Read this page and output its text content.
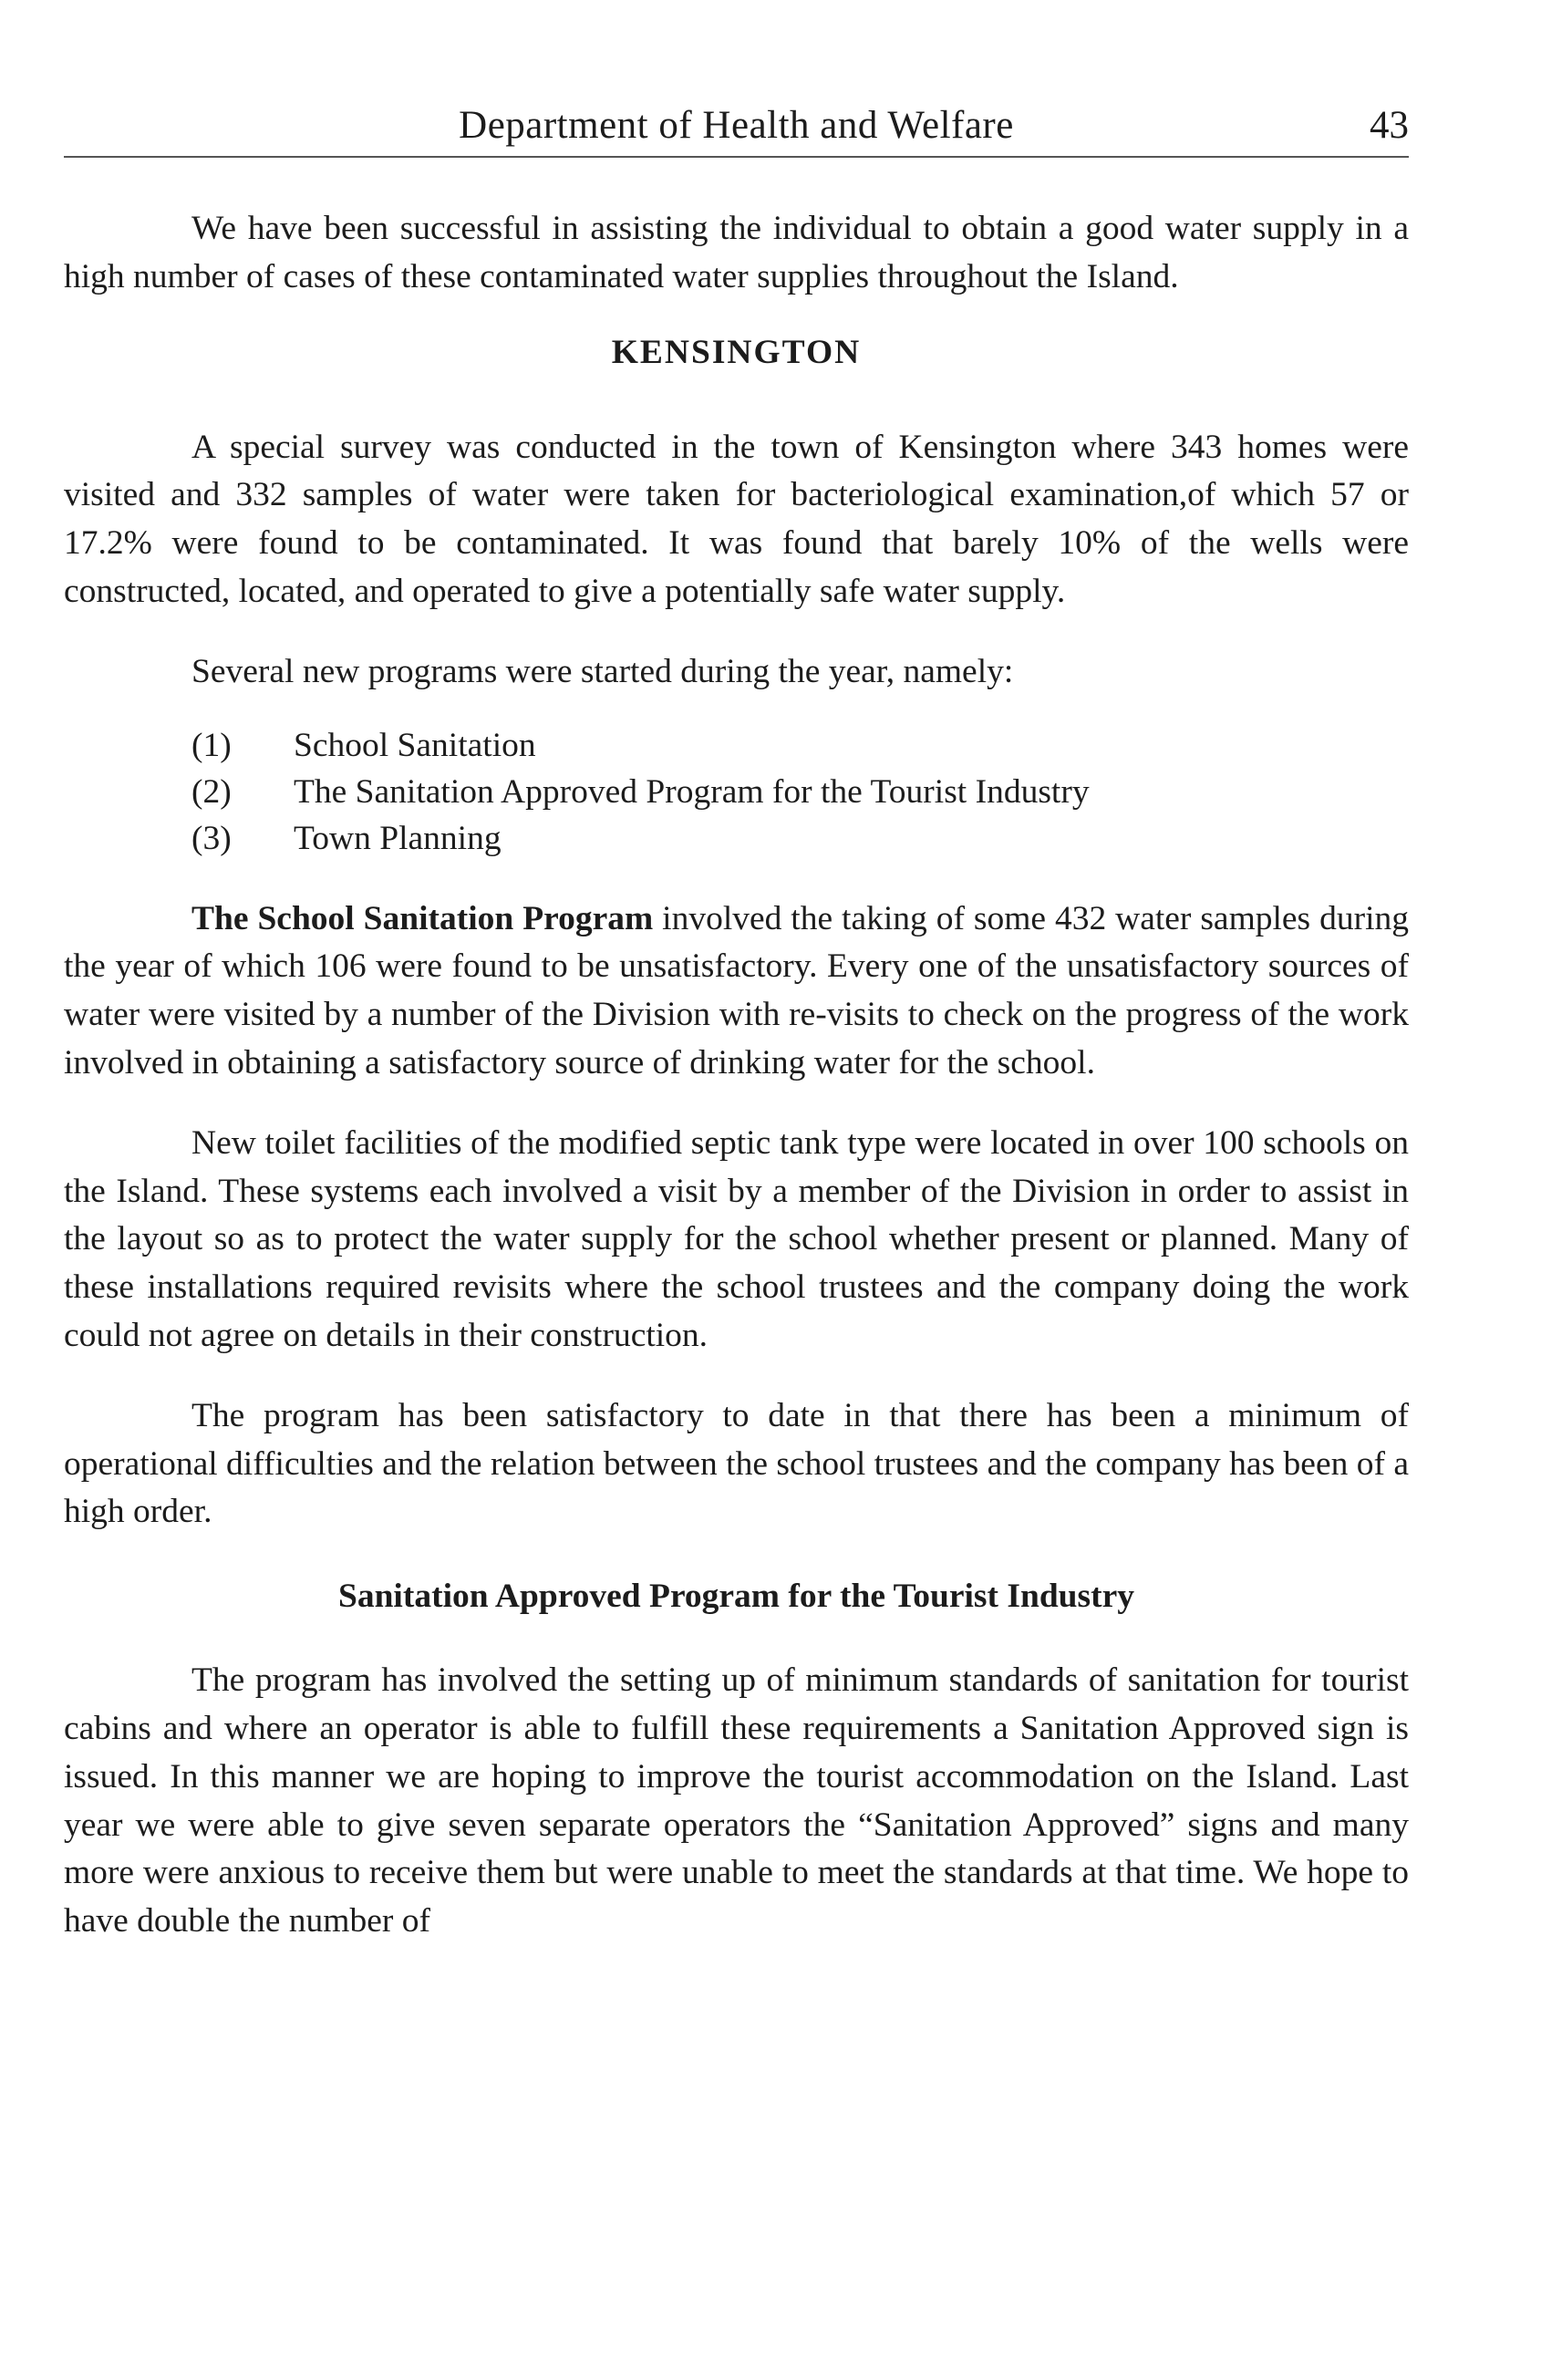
Department of Health and Welfare	43

We have been successful in assisting the individual to obtain a good water supply in a high number of cases of these contaminated water supplies throughout the Island.

KENSINGTON

A special survey was conducted in the town of Kensington where 343 homes were visited and 332 samples of water were taken for bacteriological examination,of which 57 or 17.2% were found to be contaminated. It was found that barely 10% of the wells were constructed, located, and operated to give a potentially safe water supply.

Several new programs were started during the year, namely:

(1) School Sanitation
(2) The Sanitation Approved Program for the Tourist Industry
(3) Town Planning

The School Sanitation Program involved the taking of some 432 water samples during the year of which 106 were found to be unsatisfactory. Every one of the unsatisfactory sources of water were visited by a number of the Division with re-visits to check on the progress of the work involved in obtaining a satisfactory source of drinking water for the school.

New toilet facilities of the modified septic tank type were located in over 100 schools on the Island. These systems each involved a visit by a member of the Division in order to assist in the layout so as to protect the water supply for the school whether present or planned. Many of these installations required revisits where the school trustees and the company doing the work could not agree on details in their construction.

The program has been satisfactory to date in that there has been a minimum of operational difficulties and the relation between the school trustees and the company has been of a high order.

Sanitation Approved Program for the Tourist Industry

The program has involved the setting up of minimum standards of sanitation for tourist cabins and where an operator is able to fulfill these requirements a Sanitation Approved sign is issued. In this manner we are hoping to improve the tourist accommodation on the Island. Last year we were able to give seven separate operators the “Sanitation Approved” signs and many more were anxious to receive them but were unable to meet the standards at that time. We hope to have double the number of
